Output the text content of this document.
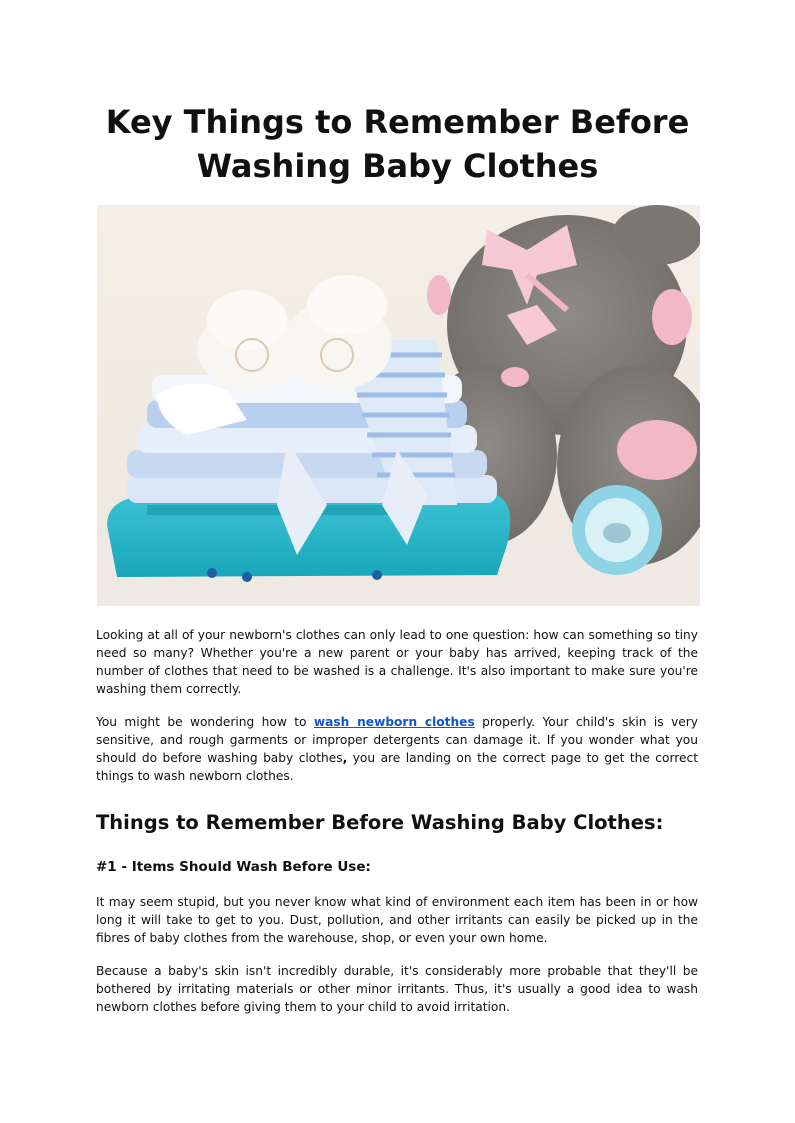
Key Things to Remember Before
Washing Baby Clothes

Looking at all of your newborn's clothes can only lead to one question: how can something so tiny need so many? Whether you're a new parent or your baby has arrived, keeping track of the number of clothes that need to be washed is a challenge. It's also important to make sure you're washing them correctly.

You might be wondering how to wash newborn clothes properly. Your child's skin is very sensitive, and rough garments or improper detergents can damage it. If you wonder what you should do before washing baby clothes, you are landing on the correct page to get the correct things to wash newborn clothes.

Things to Remember Before Washing Baby Clothes:
#1 - Items Should Wash Before Use:

It may seem stupid, but you never know what kind of environment each item has been in or how long it will take to get to you. Dust, pollution, and other irritants can easily be picked up in the fibres of baby clothes from the warehouse, shop, or even your own home.

Because a baby's skin isn't incredibly durable, it's considerably more probable that they'll be bothered by irritating materials or other minor irritants. Thus, it's usually a good idea to wash newborn clothes before giving them to your child to avoid irritation.
